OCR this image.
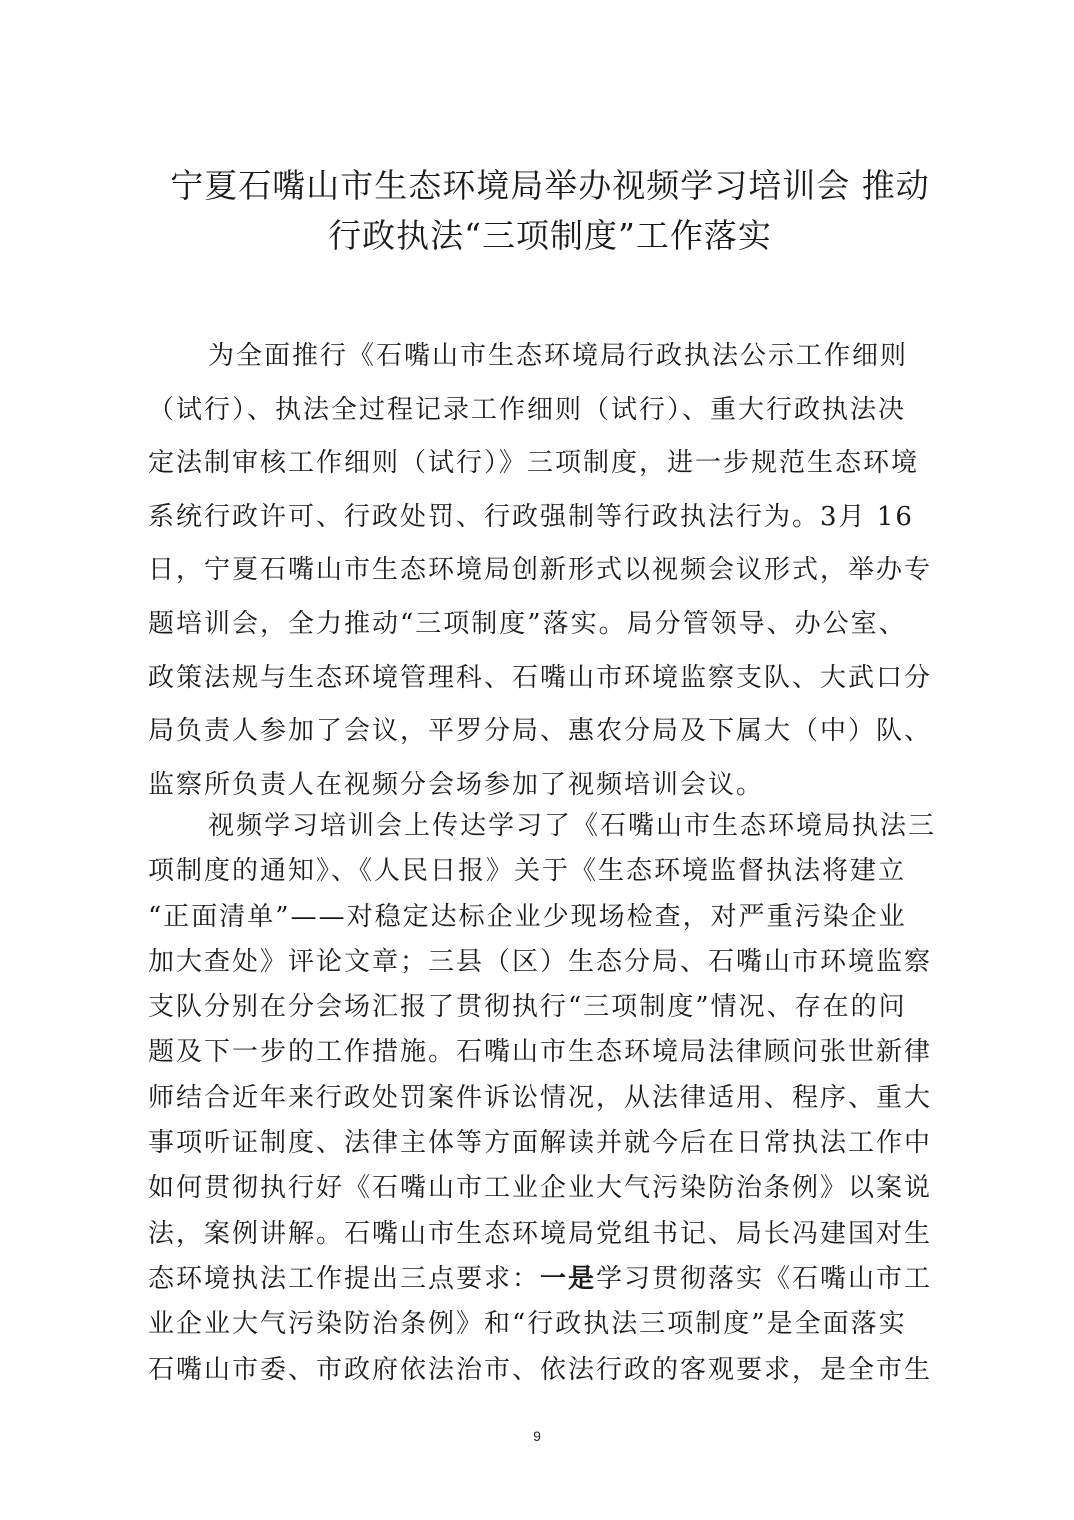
宁夏石嘴山市生态环境局举办视频学习培训会 推动
行政执法“三项制度”工作落实
为全面推行《石嘴山市生态环境局行政执法公示工作细则
（试行）、执法全过程记录工作细则（试行）、重大行政执法决
定法制审核工作细则（试行）》三项制度，进一步规范生态环境
系统行政许可、行政处罚、行政强制等行政执法行为。3月 16
日，宁夏石嘴山市生态环境局创新形式以视频会议形式，举办专
题培训会，全力推动“三项制度”落实。局分管领导、办公室、
政策法规与生态环境管理科、石嘴山市环境监察支队、大武口分
局负责人参加了会议，平罗分局、惠农分局及下属大（中）队、
监察所负责人在视频分会场参加了视频培训会议。
视频学习培训会上传达学习了《石嘴山市生态环境局执法三
项制度的通知》、《人民日报》关于《生态环境监督执法将建立
“正面清单”——对稳定达标企业少现场检查，对严重污染企业
加大查处》评论文章；三县（区）生态分局、石嘴山市环境监察
支队分别在分会场汇报了贯彻执行“三项制度”情况、存在的问
题及下一步的工作措施。石嘴山市生态环境局法律顾问张世新律
师结合近年来行政处罚案件诉讼情况，从法律适用、程序、重大
事项听证制度、法律主体等方面解读并就今后在日常执法工作中
如何贯彻执行好《石嘴山市工业企业大气污染防治条例》以案说
法，案例讲解。石嘴山市生态环境局党组书记、局长冯建国对生
态环境执法工作提出三点要求：一是学习贯彻落实《石嘴山市工
业企业大气污染防治条例》和“行政执法三项制度”是全面落实
石嘴山市委、市政府依法治市、依法行政的客观要求，是全市生
9
